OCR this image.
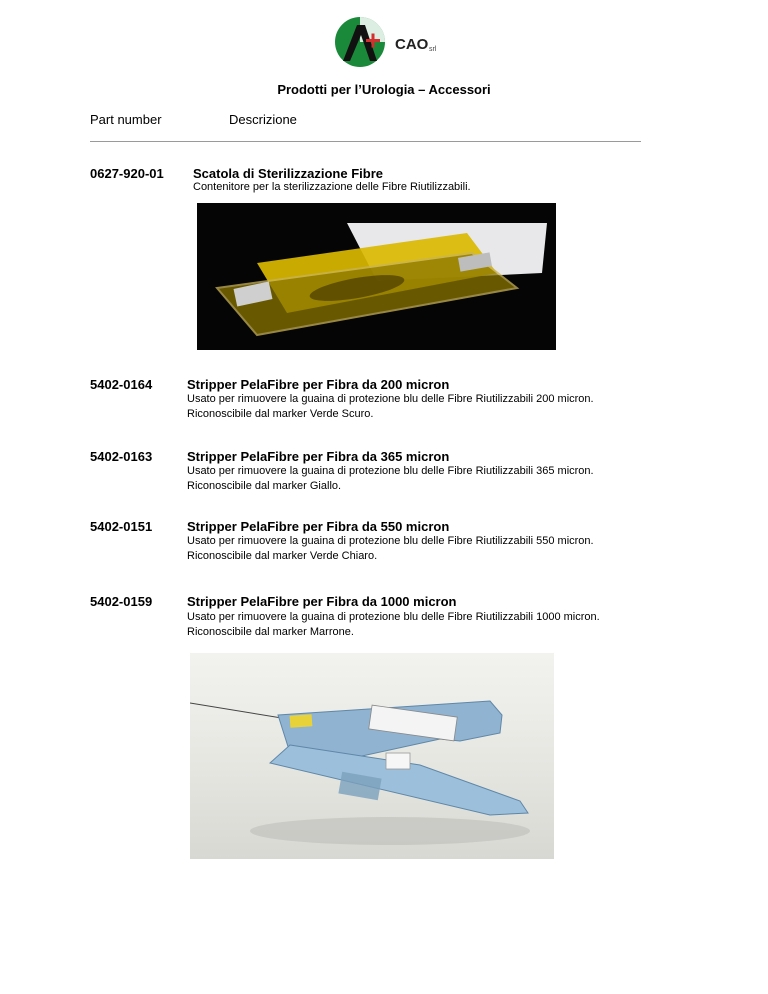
CAO srl
Prodotti per l’Urologia – Accessori
Part number	Descrizione
0627-920-01 Scatola di Sterilizzazione Fibre
Contenitore per la sterilizzazione delle Fibre Riutilizzabili.
5402-0164	Stripper PelaFibre per Fibra da 200 micron
Usato per rimuovere la guaina di protezione blu delle Fibre Riutilizzabili 200 micron.
Riconoscibile dal marker Verde Scuro.
5402-0163	Stripper PelaFibre per Fibra da 365 micron
Usato per rimuovere la guaina di protezione blu delle Fibre Riutilizzabili 365 micron.
Riconoscibile dal marker Giallo.
5402-0151	Stripper PelaFibre per Fibra da 550 micron
Usato per rimuovere la guaina di protezione blu delle Fibre Riutilizzabili 550 micron.
Riconoscibile dal marker Verde Chiaro.
5402-0159	Stripper PelaFibre per Fibra da 1000 micron
Usato per rimuovere la guaina di protezione blu delle Fibre Riutilizzabili 1000 micron.
Riconoscibile dal marker Marrone.
